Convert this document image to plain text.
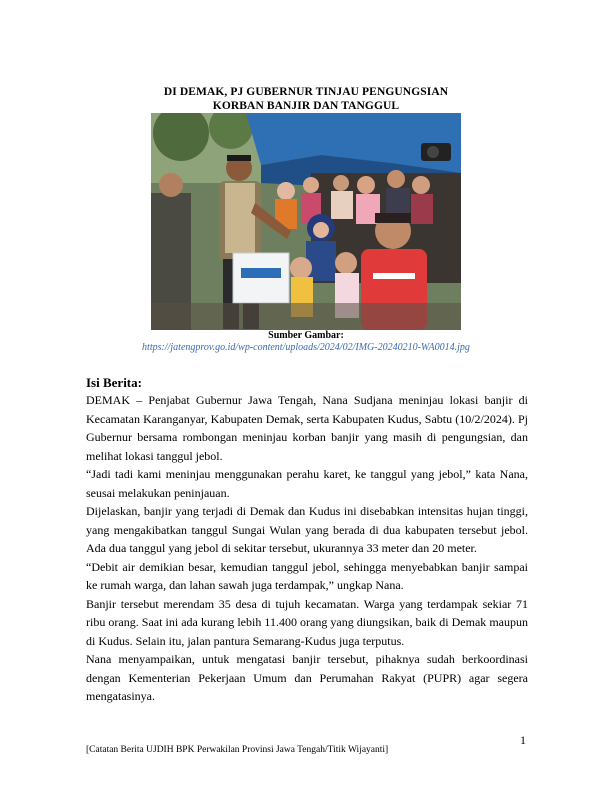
DI DEMAK, PJ GUBERNUR TINJAU PENGUNGSIAN
KORBAN BANJIR DAN TANGGUL
Sumber Gambar:
https://jatengprov.go.id/wp-content/uploads/2024/02/IMG-20240210-WA0014.jpg
Isi Berita:

DEMAK – Penjabat Gubernur Jawa Tengah, Nana Sudjana meninjau lokasi banjir di Kecamatan Karanganyar, Kabupaten Demak, serta Kabupaten Kudus, Sabtu (10/2/2024). Pj Gubernur bersama rombongan meninjau korban banjir yang masih di pengungsian, dan melihat lokasi tanggul jebol.

“Jadi tadi kami meninjau menggunakan perahu karet, ke tanggul yang jebol,” kata Nana, seusai melakukan peninjauan.

Dijelaskan, banjir yang terjadi di Demak dan Kudus ini disebabkan intensitas hujan tinggi, yang mengakibatkan tanggul Sungai Wulan yang berada di dua kabupaten tersebut jebol. Ada dua tanggul yang jebol di sekitar tersebut, ukurannya 33 meter dan 20 meter.

“Debit air demikian besar, kemudian tanggul jebol, sehingga menyebabkan banjir sampai ke rumah warga, dan lahan sawah juga terdampak,” ungkap Nana.

Banjir tersebut merendam 35 desa di tujuh kecamatan. Warga yang terdampak sekiar 71 ribu orang. Saat ini ada kurang lebih 11.400 orang yang diungsikan, baik di Demak maupun di Kudus. Selain itu, jalan pantura Semarang-Kudus juga terputus.

Nana menyampaikan, untuk mengatasi banjir tersebut, pihaknya sudah berkoordinasi dengan Kementerian Pekerjaan Umum dan Perumahan Rakyat (PUPR) agar segera mengatasinya.

1
[Catatan Berita UJDIH BPK Perwakilan Provinsi Jawa Tengah/Titik Wijayanti]
